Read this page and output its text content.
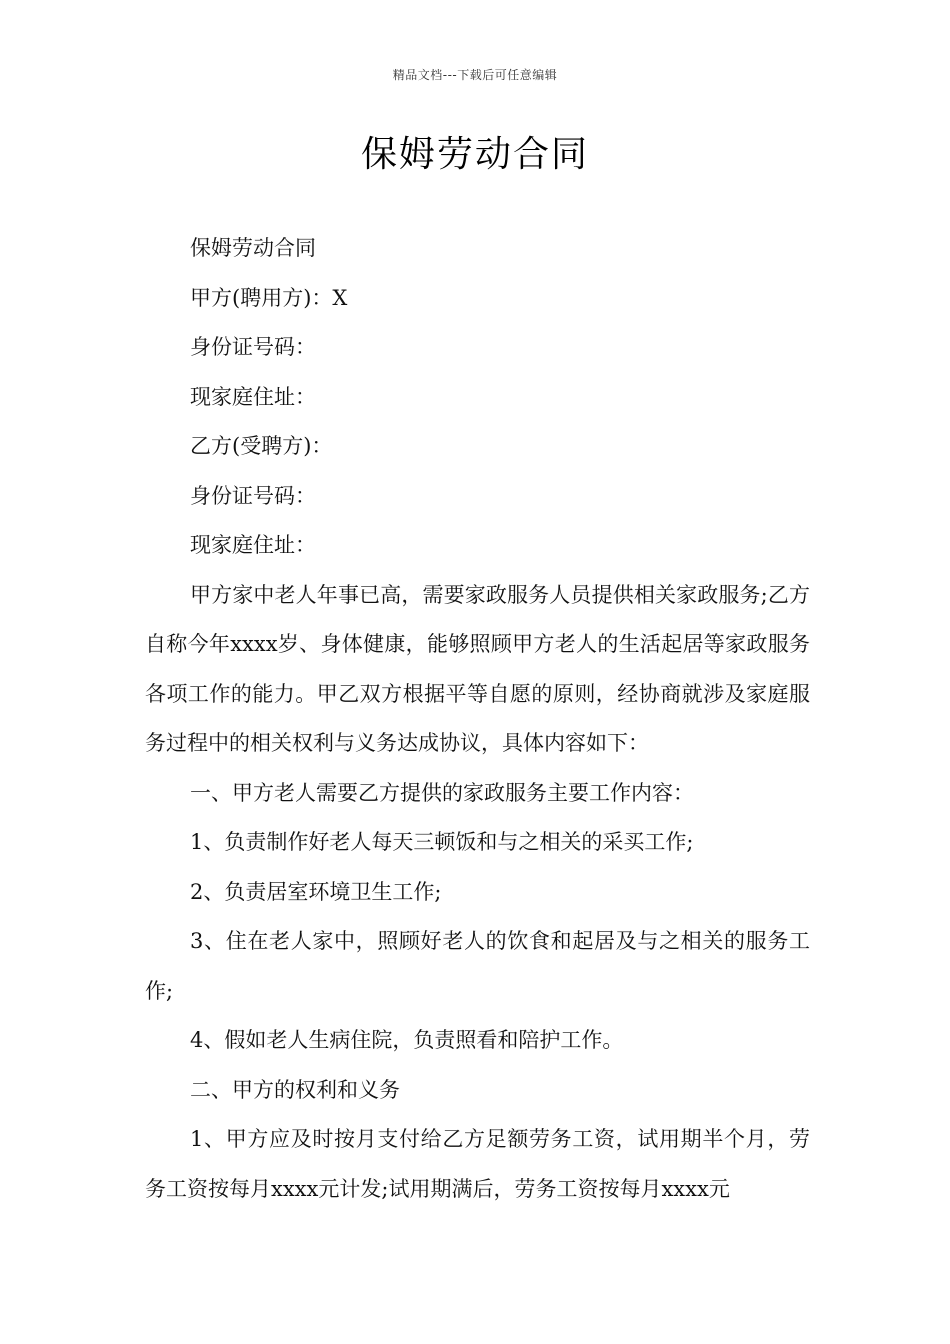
精品文档---下载后可任意编辑
保姆劳动合同

保姆劳动合同

甲方(聘用方)：X

身份证号码：

现家庭住址：

乙方(受聘方)：

身份证号码：

现家庭住址：

甲方家中老人年事已高，需要家政服务人员提供相关家政服务;乙方自称今年xxxx岁、身体健康，能够照顾甲方老人的生活起居等家政服务各项工作的能力。甲乙双方根据平等自愿的原则，经协商就涉及家庭服务过程中的相关权利与义务达成协议，具体内容如下：

一、甲方老人需要乙方提供的家政服务主要工作内容：

1、负责制作好老人每天三顿饭和与之相关的采买工作;

2、负责居室环境卫生工作;

3、住在老人家中，照顾好老人的饮食和起居及与之相关的服务工作;

4、假如老人生病住院，负责照看和陪护工作。

二、甲方的权利和义务

1、甲方应及时按月支付给乙方足额劳务工资，试用期半个月，劳务工资按每月xxxx元计发;试用期满后，劳务工资按每月xxxx元
